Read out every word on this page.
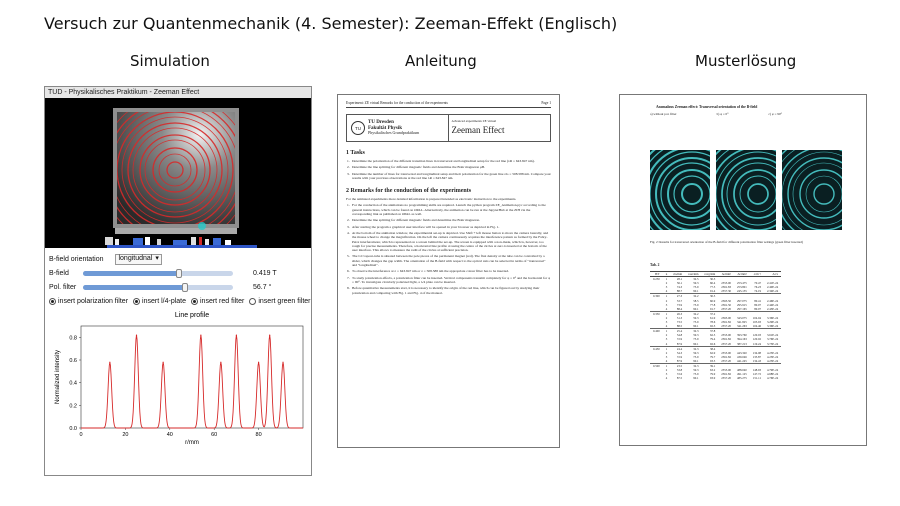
Versuch zur Quantenmechanik (4. Semester): Zeeman-Effekt (Englisch)
Simulation	Anleitung	Musterlösung
TUD - Physikalisches Praktikum - Zeeman Effect
B-field orientation longitudnal ▾
B-field	0.419 T
Pol. filter	56.7 °
insert polarization filter insert l/4-plate insert red filter insert green filter
Line profile
0.0
0.2
0.4
0.6
0.8
0	20	40	60	80
r/mm
Normalized intensity
Experiment: ZE virtual Remarks for the conduction of the experiments	Page 1
TU
TU Dresden
Fakultät Physik
Physikalisches Grundpraktikum
Advanced experiments ZE virtual
Zeeman Effect
1 Tasks
1. Determine the polarization of the different transition lines in transversal and longitudinal setup for the red line (λR = 643.847 nm).
2. Determine the line splitting for different magnetic fields and determine the Bohr magneton μB.
3. Determine the number of lines for transversal and longitudinal setup and their polarization for the green line λG = 508.588 nm. Compare your results with your previous observations at the red line λR = 643.847 nm.
2 Remarks for the conduction of the experiments
For the animated experiments more detailed information is prepared intended as electronic instruction to the experiments.
1. For the conduction of the animations no programming skills are required. Launch the python program ZE_Animation.pyc according to the general instructions, which can be found on OPAL. Alternatively, the animation can be run at the JupyterHub at the ZIH via the corresponding link as published on OPAL as well.
2. Determine the line splitting for different magnetic fields and determine the Bohr magneton.
3. After starting the program a graphical user interface will be opened in your browser as depicted in Fig. 1.
4. At the bottom of the animation window, the experimental set-up is depicted. Use Shift + left mouse button to move the camera laterally, and the mouse wheel to change the magnification. On the left the camera continuously acquires the interference pattern as formed by the Fabry-Pérot interferometer, which is represented on a screen behind the set-up. The screen is equipped with a non-mask, which is, however, too rough for precise measurements. Therefore, a horizontal line profile crossing the centre of the circles at zero is inserted at the bottom of the user interface. This allows to measure the radii of the circles at sufficient precision.
5. The Cd vapour-tube is situated between the pole pieces of the permanent magnet (red). The flux density at the tube can be controlled by a slider, which changes the gap width. The orientation of the B-field with respect to the optical axis can be selected in terms of "transversal" and "longitudinal".
6. To observe the interference at λ = 643.847 nm or λ = 508.588 nm the appropriate colour filter has to be inserted.
7. To study polarization effects, a polarization filter can be inserted. Vertical components transmit completely for φ = 0° and the horizontal for φ = 90°. To investigate circularly polarized light, a λ/4 plate can be inserted.
8. Before quantitative measurements start, it is necessary to identify the origin of the red line, which can be figured out by studying their polarization and comparing with Fig. 1 and Fig. 4 of the manual.
Anomalous Zeeman effect: Transversal orientation of the B-field
a) without pol. filter	b) φ = 0°	c) φ = 90°
Fig. 2: Results for transversal orientation of the B-field for different polarization filter settings (green filter inserted)
Tab. 2
B/T	n	rin/mm	rout/mm	ravg/mm	Δr/mm²	Δr/mm²	σ/m⁻¹	Δλ/ν
0.250	1	28.1	32.5	30.3				
	2	56.1	59.3	60.4	2353.00	253.475	70.47	2.41E-24
	3	74.3	75.9	77.5	2361.83	253.801	76.23	2.40E-24
	4	88.7	90.1	91.4	2357.30	245.135	74.19	2.34E-24
0.300	1	27.3	32.2	30.5				
	2	53.7	58.5	60.9	2363.50	297.075	80.41	2.46E-24
	3	73.9	75.9	77.8	2361.50	295.915	80.07	2.44E-24
	4	88.4	90.1	91.7	2357.20	297.165	80.07	2.43E-24
0.350	1	26.3	32.2	37.2				
	2	51.3	59.3	61.9	2363.00	343.075	104.04	3.36E-24
	3	73.5	75.9	78.6	2361.82	341.825	103.93	3.29E-24
	4	88.5	90.1	92.3	2357.20	341.263	104.46	3.36E-24
0.400	1	25.4	32.3	37.8				
	2	54.8	59.3	62.5	2353.00	393.760	120.03	3.61E-24
	3	72.9	75.9	79.4	2361.82	394.163	120.02	3.76E-24
	4	87.9	90.1	92.6	2357.20	387.213	119.24	3.73E-24
0.450	1	24.4	32.3	38.4				
	2	54.3	59.3	62.9	2353.00	443.320	134.08	4.25E-24
	3	72.9	75.9	79.7	2361.82	439.046	135.87	4.23E-24
	4	87.9	90.1	93.5	2357.20	441.245	134.43	4.25E-24
0.500	1	23.5	32.3	39.1				
	2	53.8	59.3	63.2	2353.00	488.040	148.93	4.79E-24
	3	72.6	75.9	79.9	2361.82	491.125	147.72	4.68E-24
	4	87.5	90.1	93.9	2357.20	485.275	151.11	4.76E-24
